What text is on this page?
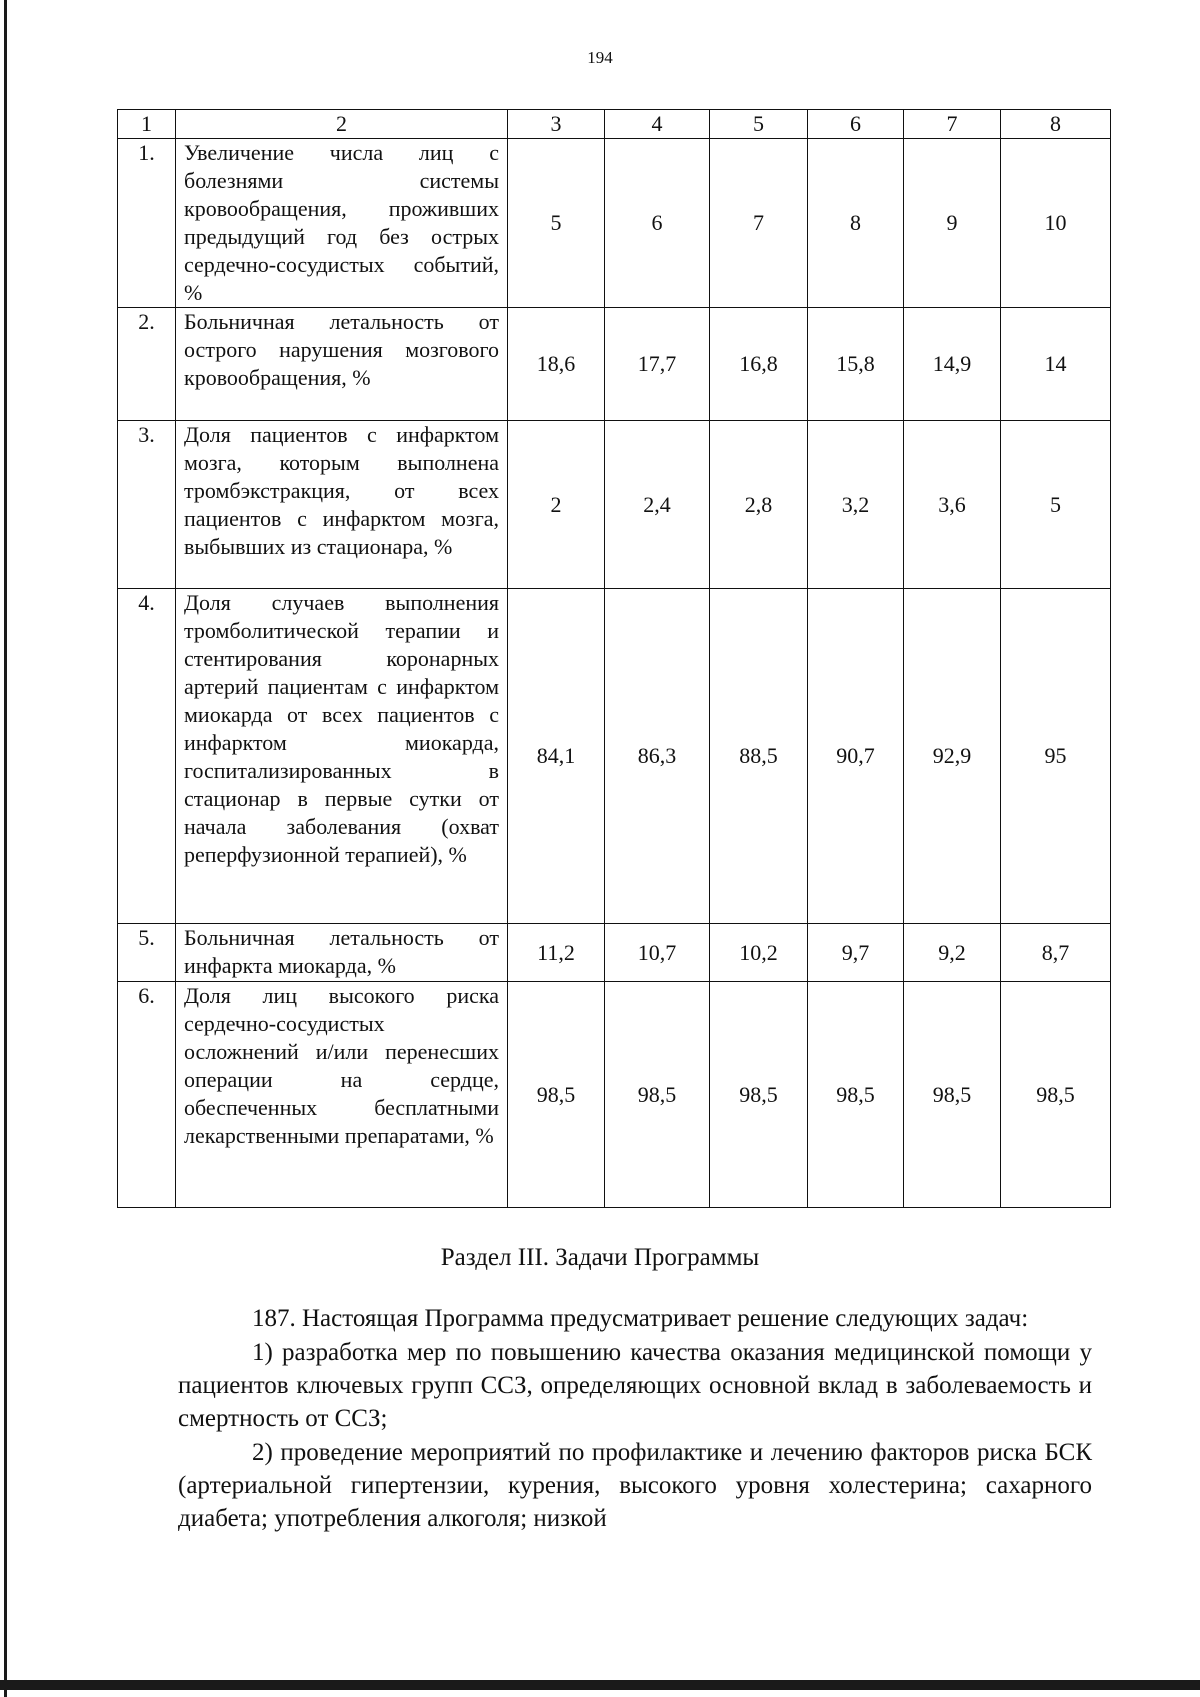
194
1	2	3	4	5	6	7	8
1.	Увеличение числа лиц с болезнями системы кровообращения, проживших предыдущий год без острых сердечно-сосудистых событий, %	5	6	7	8	9	10
2.	Больничная летальность от острого нарушения мозгового кровообращения, %	18,6	17,7	16,8	15,8	14,9	14
3.	Доля пациентов с инфарктом мозга, которым выполнена тромбэкстракция, от всех пациентов с инфарктом мозга, выбывших из стационара, %	2	2,4	2,8	3,2	3,6	5
4.	Доля случаев выполнения тромболитической терапии и стентирования коронарных артерий пациентам с инфарктом миокарда от всех пациентов с инфарктом миокарда, госпитализированных в стационар в первые сутки от начала заболевания (охват реперфузионной терапией), %	84,1	86,3	88,5	90,7	92,9	95
5.	Больничная летальность от инфаркта миокарда, %	11,2	10,7	10,2	9,7	9,2	8,7
6.	Доля лиц высокого риска сердечно-сосудистых осложнений и/или перенесших операции на сердце, обеспеченных бесплатными лекарственными препаратами, %	98,5	98,5	98,5	98,5	98,5	98,5
Раздел III. Задачи Программы

187. Настоящая Программа предусматривает решение следующих задач:

1) разработка мер по повышению качества оказания медицинской помощи у пациентов ключевых групп ССЗ, определяющих основной вклад в заболеваемость и смертность от ССЗ;

2) проведение мероприятий по профилактике и лечению факторов риска БСК (артериальной гипертензии, курения, высокого уровня холестерина; сахарного диабета; употребления алкоголя; низкой
